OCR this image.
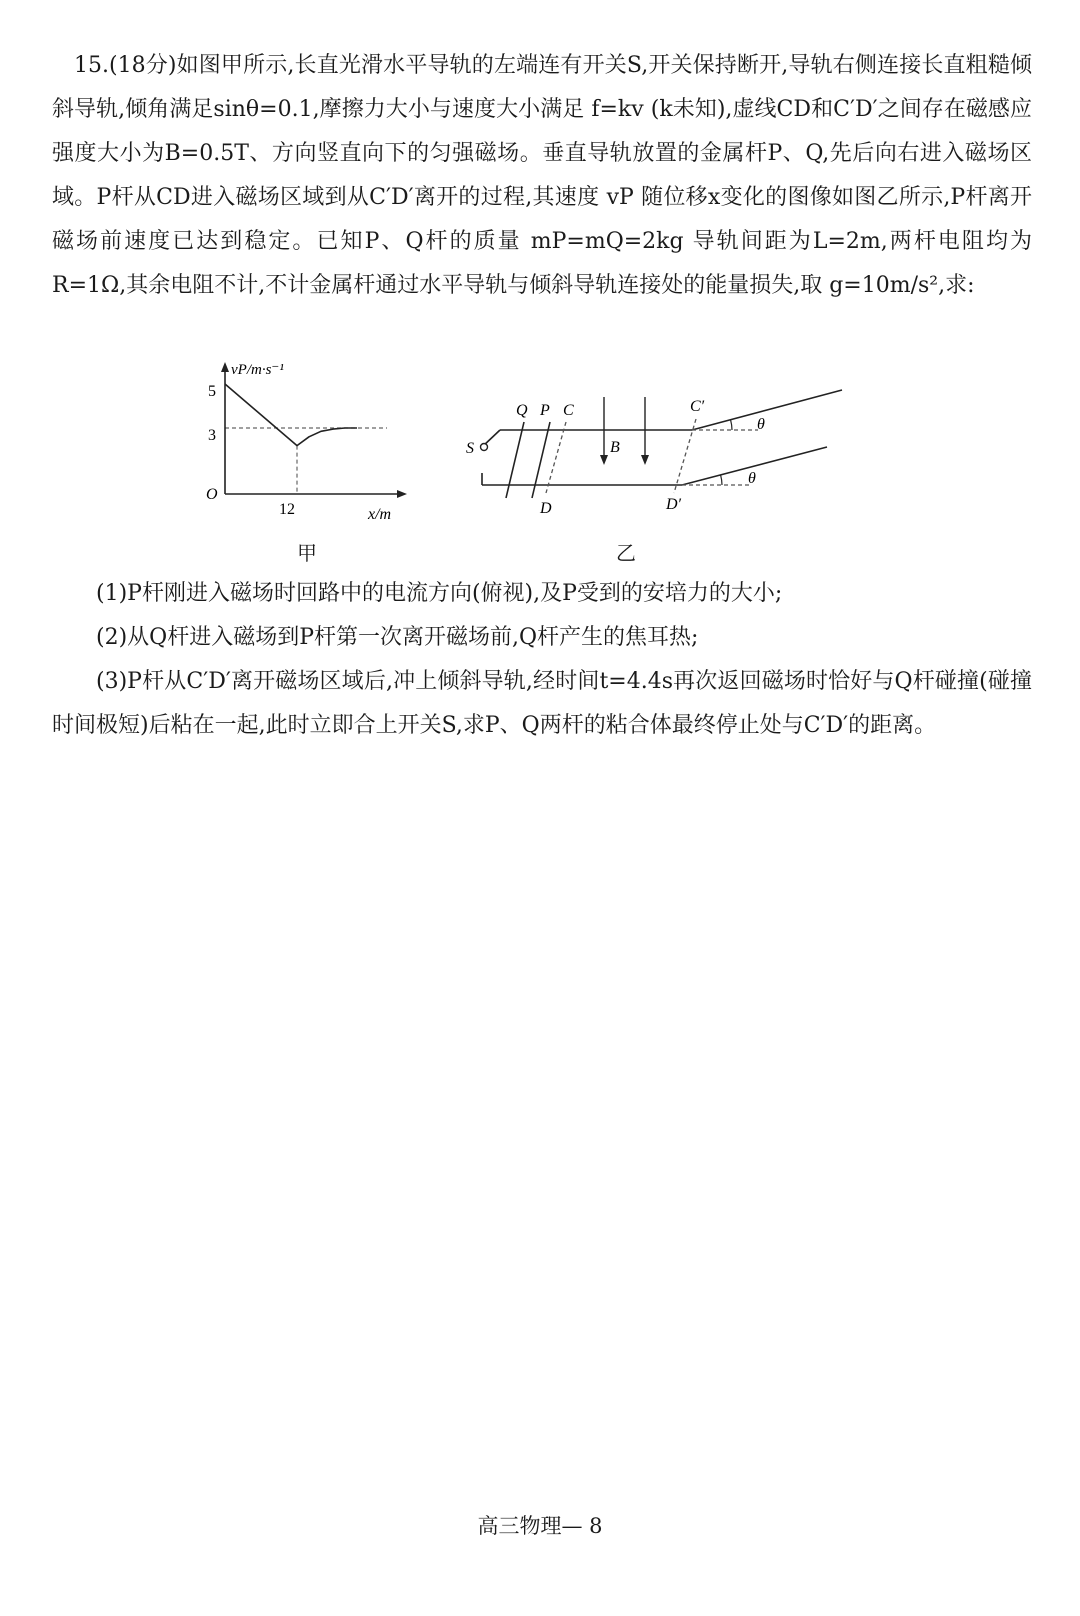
15.(18分)如图甲所示,长直光滑水平导轨的左端连有开关S,开关保持断开,导轨右侧连接长直粗糙倾斜导轨,倾角满足sinθ=0.1,摩擦力大小与速度大小满足 f=kv (k未知),虚线CD和C′D′之间存在磁感应强度大小为B=0.5T、方向竖直向下的匀强磁场。垂直导轨放置的金属杆P、Q,先后向右进入磁场区域。P杆从CD进入磁场区域到从C′D′离开的过程,其速度 vP 随位移x变化的图像如图乙所示,P杆离开磁场前速度已达到稳定。已知P、Q杆的质量 mP=mQ=2kg 导轨间距为L=2m,两杆电阻均为R=1Ω,其余电阻不计,不计金属杆通过水平导轨与倾斜导轨连接处的能量损失,取 g=10m/s²,求:

vP/m·s⁻¹
O
5
3
12	x/m
甲
S
Q P C	C′
D	D′
B
θ
θ
乙

(1)P杆刚进入磁场时回路中的电流方向(俯视),及P受到的安培力的大小;

(2)从Q杆进入磁场到P杆第一次离开磁场前,Q杆产生的焦耳热;

(3)P杆从C′D′离开磁场区域后,冲上倾斜导轨,经时间t=4.4s再次返回磁场时恰好与Q杆碰撞(碰撞时间极短)后粘在一起,此时立即合上开关S,求P、Q两杆的粘合体最终停止处与C′D′的距离。

高三物理— 8
